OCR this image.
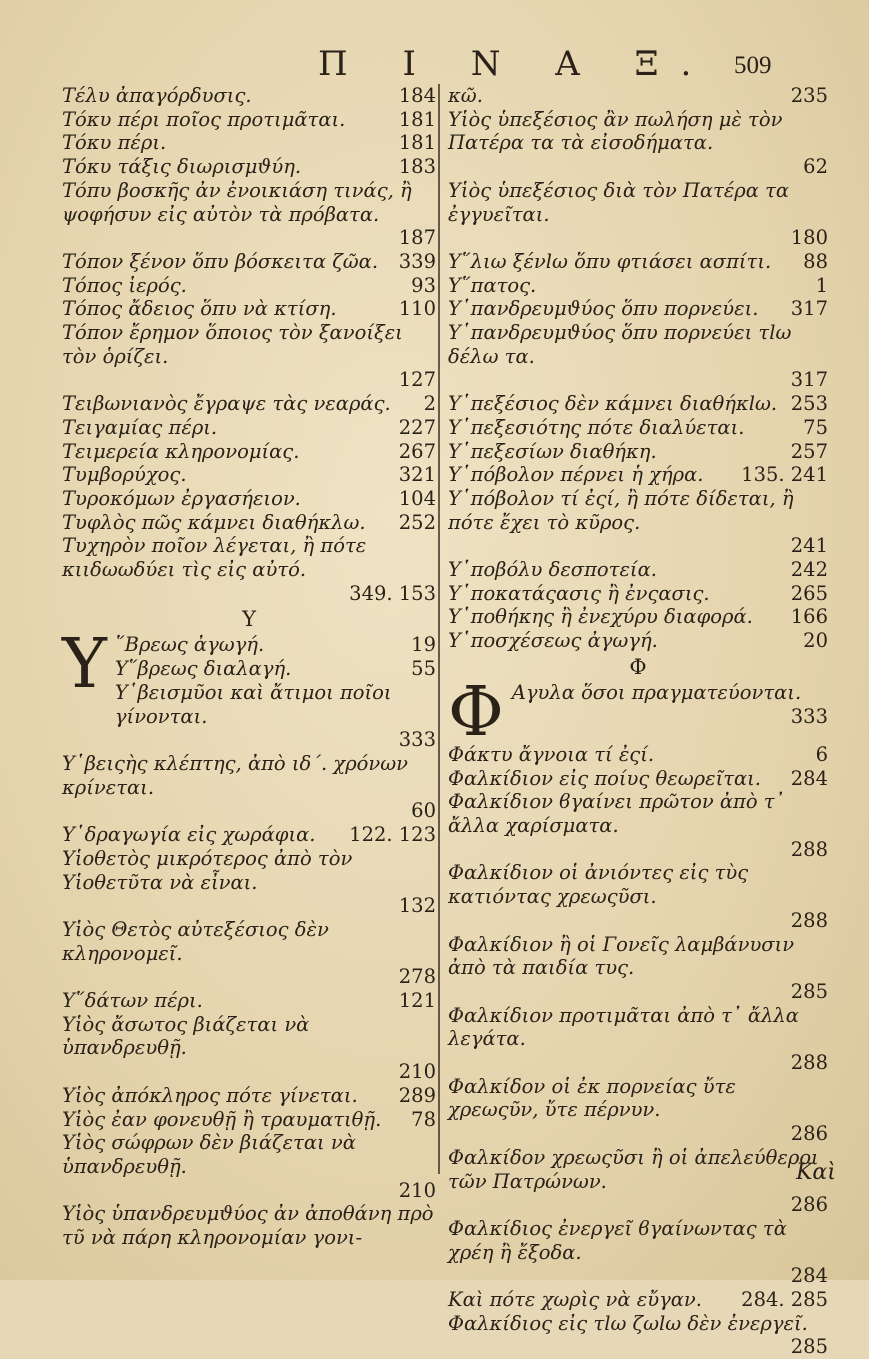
Π Ι Ν Α Ξ. 509
Τέλυ ἀπαγόρδυσις.	184
Τόκυ πέρι ποῖος προτιμᾶται.	181
Τόκυ πέρι.	181
Τόκυ τάξις διωρισμϑύη.	183
Τόπυ βοσκῆς ἀν ἐνοικιάση τινάς, ἢ ψοφήσυν εἰς αὐτὸν τὰ πρόβατα.
187
Τόπον ξένον ὅπυ βόσκειτα ζῶα.	339
Τόπος ἱερός.	93
Τόπος ἄδειος ὅπυ νὰ κτίση.	110
Τόπον ἔρημον ὅποιος τὸν ξανοίξει τὸν ὁρίζει.
127
Τειβωνιανὸς ἔγραψε τὰς νεαράς.	2
Τειγαμίας πέρι.	227
Τειμερεία κληρονομίας.	267
Τυμβορύχος.	321
Τυροκόμων ἐργασήειον.	104
Τυφλὸς πῶς κάμνει διαθήκλω.	252
Τυχηρὸν ποῖον λέγεται, ἢ πότε κιιδωωδύει τὶς εἰς αὐτό.
349. 153
Υ
Υ ῞Βρεως ἀγωγή.	19
Υ῞βρεως διαλαγή.	55
Υ῾βεισμῦοι καὶ ἄτιμοι ποῖοι γίνονται.
333
Υ῾βειςὴς κλέπτης, ἀπὸ ιδ΄. χρόνων κρίνεται.
60
Υ῾δραγωγία εἰς χωράφια.	122. 123
Υἱοθετὸς μικρότερος ἀπὸ τὸν Υἱοθετῦτα νὰ εἶναι.
132
Υἱὸς Θετὸς αὐτεξέσιος δὲν κληρονομεῖ.
278
Υ῞δάτων πέρι.	121
Υἱὸς ἄσωτος βιάζεται νὰ ὑπανδρευθῇ.
210
Υἱὸς ἀπόκληρος πότε γίνεται.	289
Υἱὸς ἐαν φονευθῇ ἢ τραυματιθῇ.	78
Υἱὸς σώφρων δὲν βιάζεται νὰ ὑπανδρευθῇ.
210
Υἱὸς ὑπανδρευμϑύος ἀν ἀποθάνη πρὸ τῦ νὰ πάρη κληρονομίαν γονι-
κῶ.	235
Υἱὸς ὑπεξέσιος ἂν πωλήση μὲ τὸν Πατέρα τα τὰ εἰσοδήματα.
62
Υἱὸς ὑπεξέσιος διὰ τὸν Πατέρα τα ἐγγυεῖται.
180
Υ῞λιω ξένlω ὅπυ φτιάσει ασπίτι.	88
Υ῞πατος.	1
Υ῾πανδρευμϑύος ὅπυ πορνεύει.	317
Υ῾πανδρευμϑύος ὅπυ πορνεύει τlω δέλω τα.
317
Υ῾πεξέσιος δὲν κάμνει διαθήκlω. 253
Υ῾πεξεσιότης πότε διαλύεται.	75
Υ῾πεξεσίων διαθήκη.	257
Υ῾πόβολον πέρνει ἡ χήρα.	135. 241
Υ῾πόβολον τί ἐςί, ἢ πότε δίδεται, ἢ πότε ἔχει τὸ κῦρος.
241
Υ῾ποβόλυ δεσποτεία.	242
Υ῾ποκατάςασις ἢ ἐνςασις.	265
Υ῾ποθήκης ἢ ἐνεχύρυ διαφορά.	166
Υ῾ποσχέσεως ἀγωγή.	20
Φ
Φ Αγυλα ὅσοι πραγματεύονται.
333
Φάκτυ ἄγνοια τί ἐςί.	6
Φαλκίδιον εἰς ποίυς θεωρεῖται.	284
Φαλκίδιον ϐγαίνει πρῶτον ἀπὸ τ᾽ ἄλλα χαρίσματα.
288
Φαλκίδιον οἱ ἀνιόντες εἰς τὺς κατιόντας χρεωςῦσι.
288
Φαλκίδιον ἢ οἱ Γονεῖς λαμβάνυσιν ἀπὸ τὰ παιδία τυς.
285
Φαλκίδιον προτιμᾶται ἀπὸ τ᾽ ἄλλα λεγάτα.
288
Φαλκίδον οἱ ἐκ πορνείας ὔτε χρεωςῦν, ὔτε πέρνυν.
286
Φαλκίδον χρεωςῦσι ἢ οἱ ἀπελεύθεροι τῶν Πατρώνων.
286
Φαλκίδιος ἐνεργεῖ ϐγαίνωντας τὰ χρέη ἢ ἔξοδα.
284
Καὶ πότε χωρὶς νὰ εὔγαν.	284. 285
Φαλκίδιος εἰς τlω ζωlω δὲν ἐνεργεῖ.
285
Καὶ
